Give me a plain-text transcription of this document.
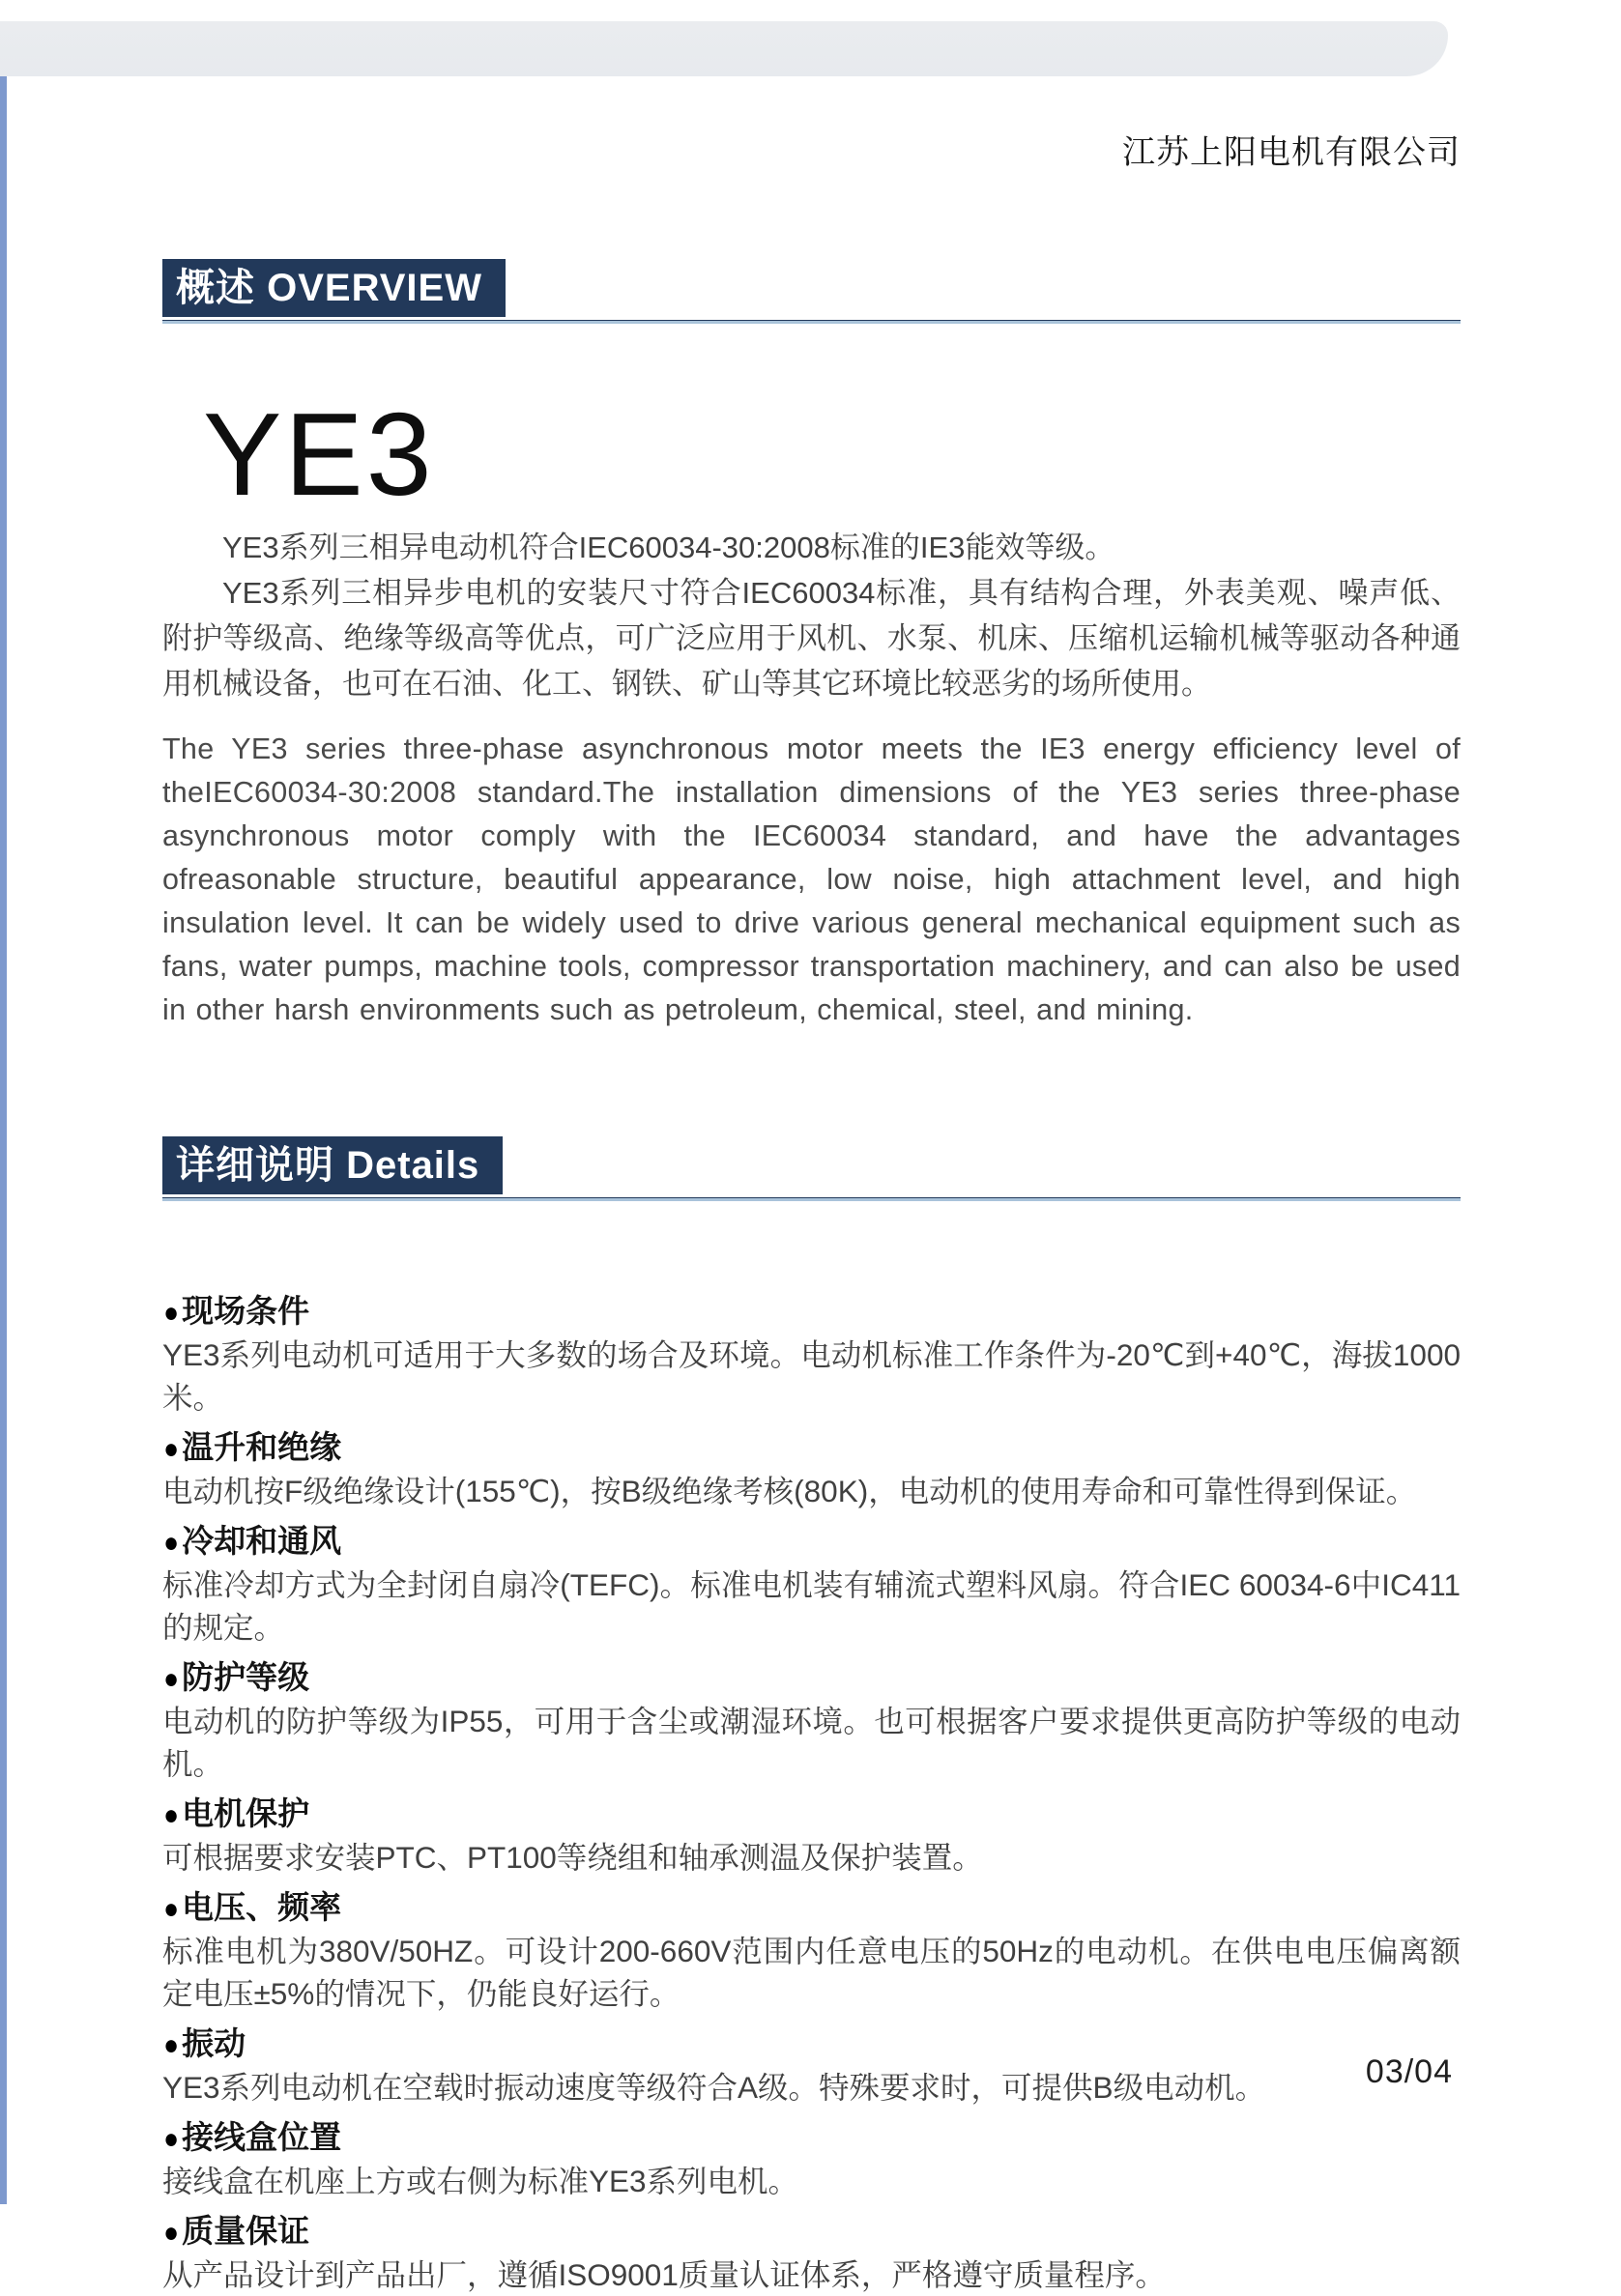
江苏上阳电机有限公司
概述 OVERVIEW
YE3

YE3系列三相异电动机符合IEC60034-30:2008标准的IE3能效等级。

YE3系列三相异步电机的安装尺寸符合IEC60034标准，具有结构合理，外表美观、噪声低、附护等级高、绝缘等级高等优点，可广泛应用于风机、水泵、机床、压缩机运输机械等驱动各种通用机械设备，也可在石油、化工、钢铁、矿山等其它环境比较恶劣的场所使用。

The YE3 series three-phase asynchronous motor meets the IE3 energy efficiency level of theIEC60034-30:2008 standard.The installation dimensions of the YE3 series three-phase asynchronous motor comply with the IEC60034 standard, and have the advantages ofreasonable structure, beautiful appearance, low noise, high attachment level, and high insulation level. It can be widely used to drive various general mechanical equipment such as fans, water pumps, machine tools, compressor transportation machinery, and can also be used in other harsh environments such as petroleum, chemical, steel, and mining.
详细说明 Details
●现场条件
YE3系列电动机可适用于大多数的场合及环境。电动机标准工作条件为-20℃到+40℃，海拔1000米。
●温升和绝缘
电动机按F级绝缘设计(155℃)，按B级绝缘考核(80K)，电动机的使用寿命和可靠性得到保证。
●冷却和通风
标准冷却方式为全封闭自扇冷(TEFC)。标准电机装有辅流式塑料风扇。符合IEC 60034-6中IC411的规定。
●防护等级
电动机的防护等级为IP55，可用于含尘或潮湿环境。也可根据客户要求提供更高防护等级的电动机。
●电机保护
可根据要求安装PTC、PT100等绕组和轴承测温及保护装置。
●电压、频率
标准电机为380V/50HZ。可设计200-660V范围内任意电压的50Hz的电动机。在供电电压偏离额定电压±5%的情况下，仍能良好运行。
●振动
YE3系列电动机在空载时振动速度等级符合A级。特殊要求时，可提供B级电动机。
●接线盒位置
接线盒在机座上方或右侧为标准YE3系列电机。
●质量保证
从产品设计到产品出厂，遵循ISO9001质量认证体系，严格遵守质量程序。
03/04
